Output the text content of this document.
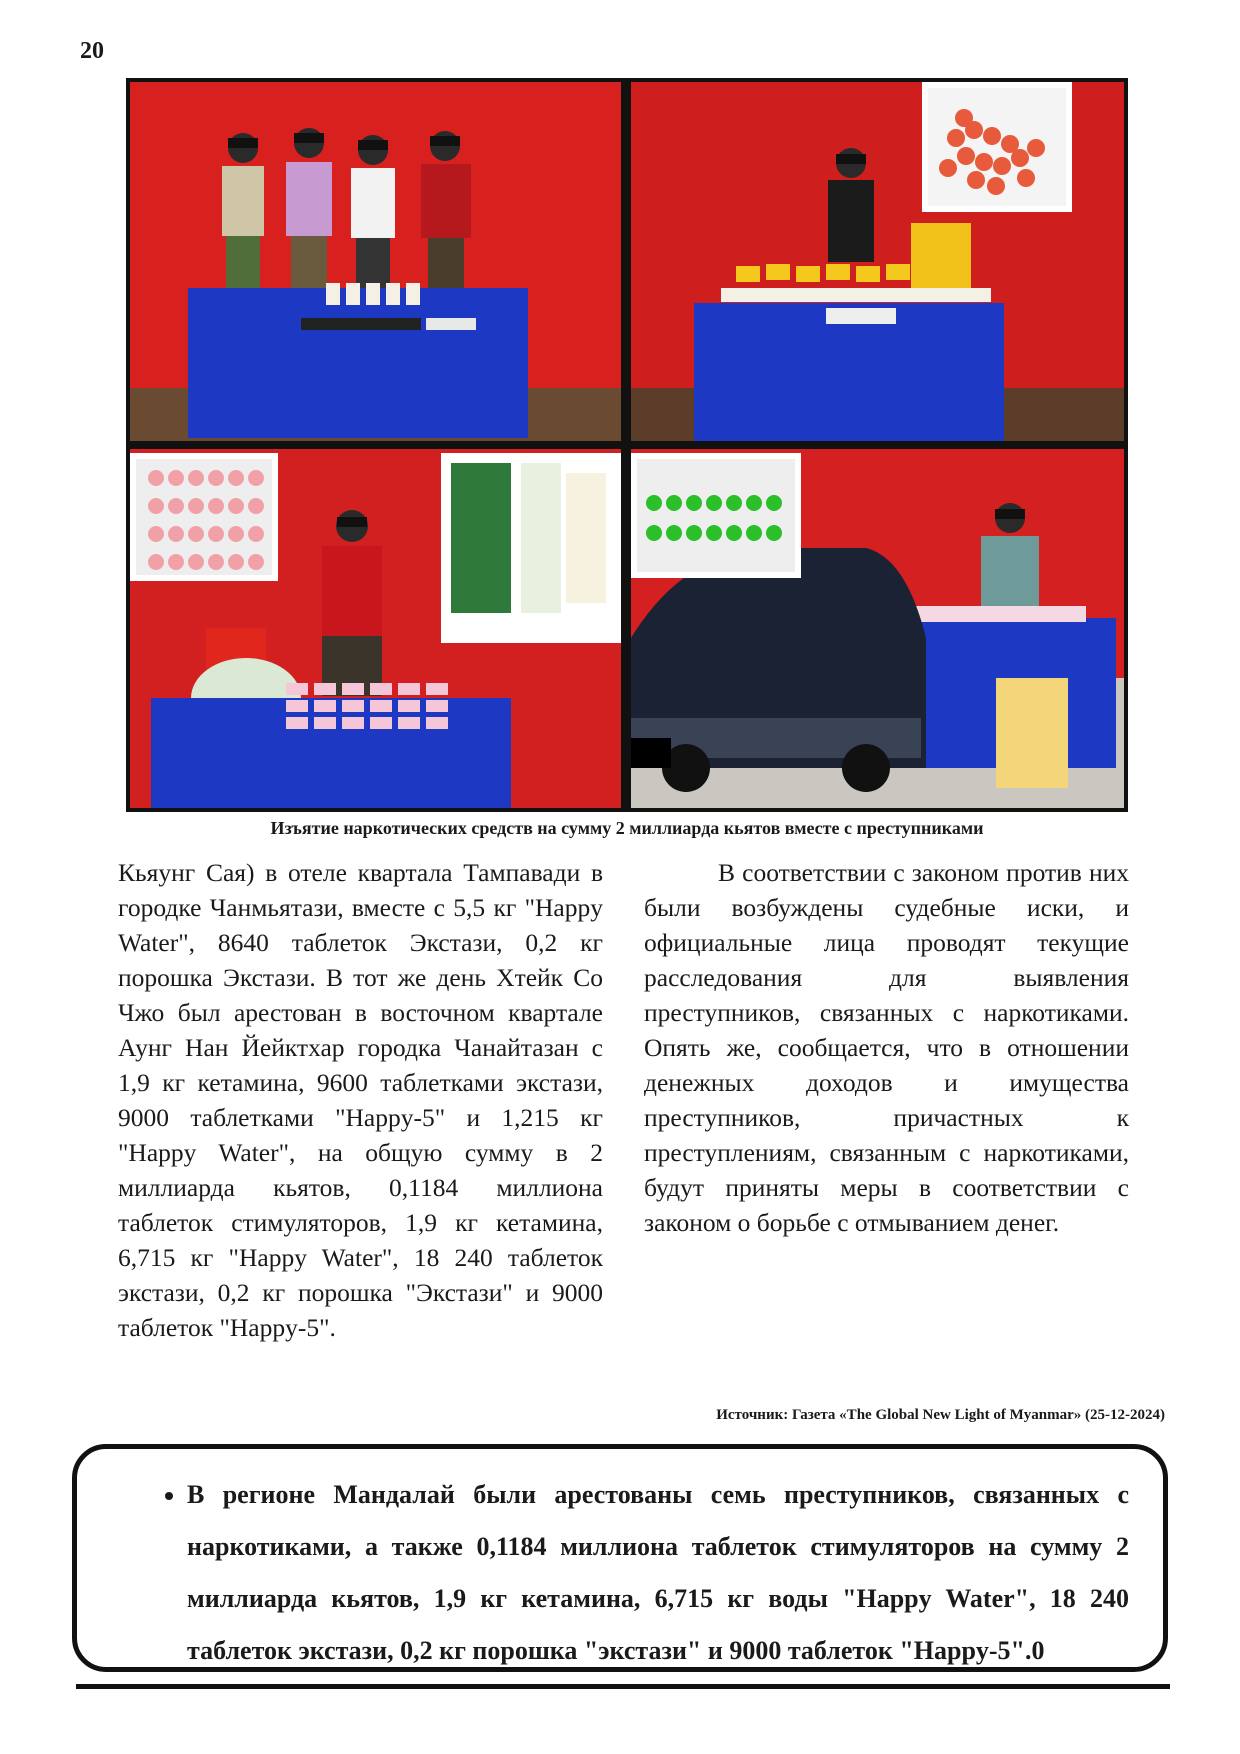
20
Изъятие наркотических средств на сумму 2 миллиарда кьятов вместе с преступниками
Кьяунг Сая) в отеле квартала Тампавади в городке Чанмьятази, вместе с 5,5 кг "Happy Water", 8640 таблеток Экстази, 0,2 кг порошка Экстази. В тот же день Хтейк Со Чжо был арестован в восточном квартале Аунг Нан Йейктхар городка Чанайтазан с 1,9 кг кетамина, 9600 таблетками экстази, 9000 таблетками "Happy-5" и 1,215 кг "Happy Water", на общую сумму в 2 миллиарда кьятов, 0,1184 миллиона таблеток стимуляторов, 1,9 кг кетамина, 6,715 кг "Happy Water", 18 240 таблеток экстази, 0,2 кг порошка "Экстази" и 9000 таблеток "Happy-5".
В соответствии с законом против них были возбуждены судебные иски, и официальные лица проводят текущие расследования для выявления преступников, связанных с наркотиками. Опять же, сообщается, что в отношении денежных доходов и имущества преступников, причастных к преступлениям, связанным с наркотиками, будут приняты меры в соответствии с законом о борьбе с отмыванием денег.
Источник: Газета «The Global New Light of Myanmar» (25-12-2024)
• В регионе Мандалай были арестованы семь преступников, связанных с наркотиками, а также 0,1184 миллиона таблеток стимуляторов на сумму 2 миллиарда кьятов, 1,9 кг кетамина, 6,715 кг воды "Happy Water", 18 240 таблеток экстази, 0,2 кг порошка "экстази" и 9000 таблеток "Happy-5".0
